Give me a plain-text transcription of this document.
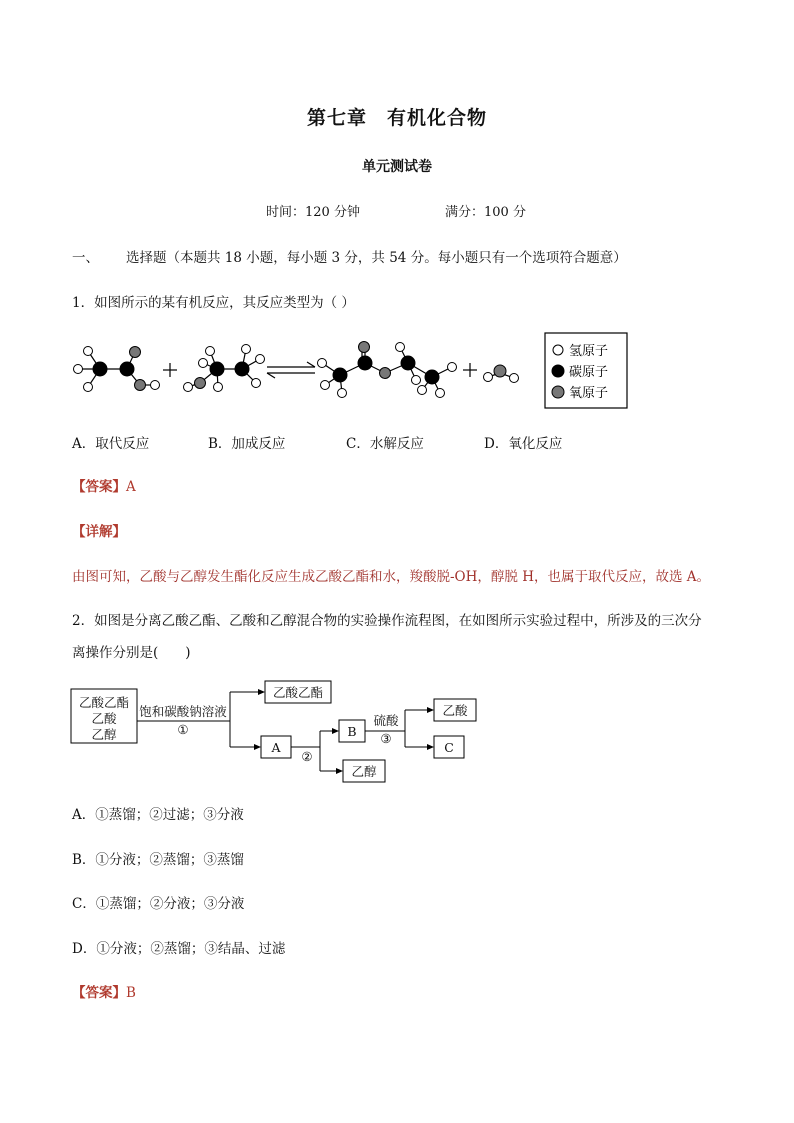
第七章　有机化合物
单元测试卷
时间：120 分钟	满分：100 分
一、 选择题（本题共 18 小题，每小题 3 分，共 54 分。每小题只有一个选项符合题意）
1．如图所示的某有机反应，其反应类型为（ ）
氢原子
碳原子
氧原子
A．取代反应	B．加成反应	C．水解反应	D．氧化反应
【答案】A
【详解】
由图可知，乙酸与乙醇发生酯化反应生成乙酸乙酯和水，羧酸脱-OH，醇脱 H，也属于取代反应，故选 A。
2．如图是分离乙酸乙酯、乙酸和乙醇混合物的实验操作流程图，在如图所示实验过程中，所涉及的三次分
离操作分别是(　　)
乙酸乙酯
乙酸
乙醇
饱和碳酸钠溶液
①
乙酸乙酯
A
②
B
乙醇
硫酸
③
乙酸
C
A．①蒸馏；②过滤；③分液
B．①分液；②蒸馏；③蒸馏
C．①蒸馏；②分液；③分液
D．①分液；②蒸馏；③结晶、过滤
【答案】B
